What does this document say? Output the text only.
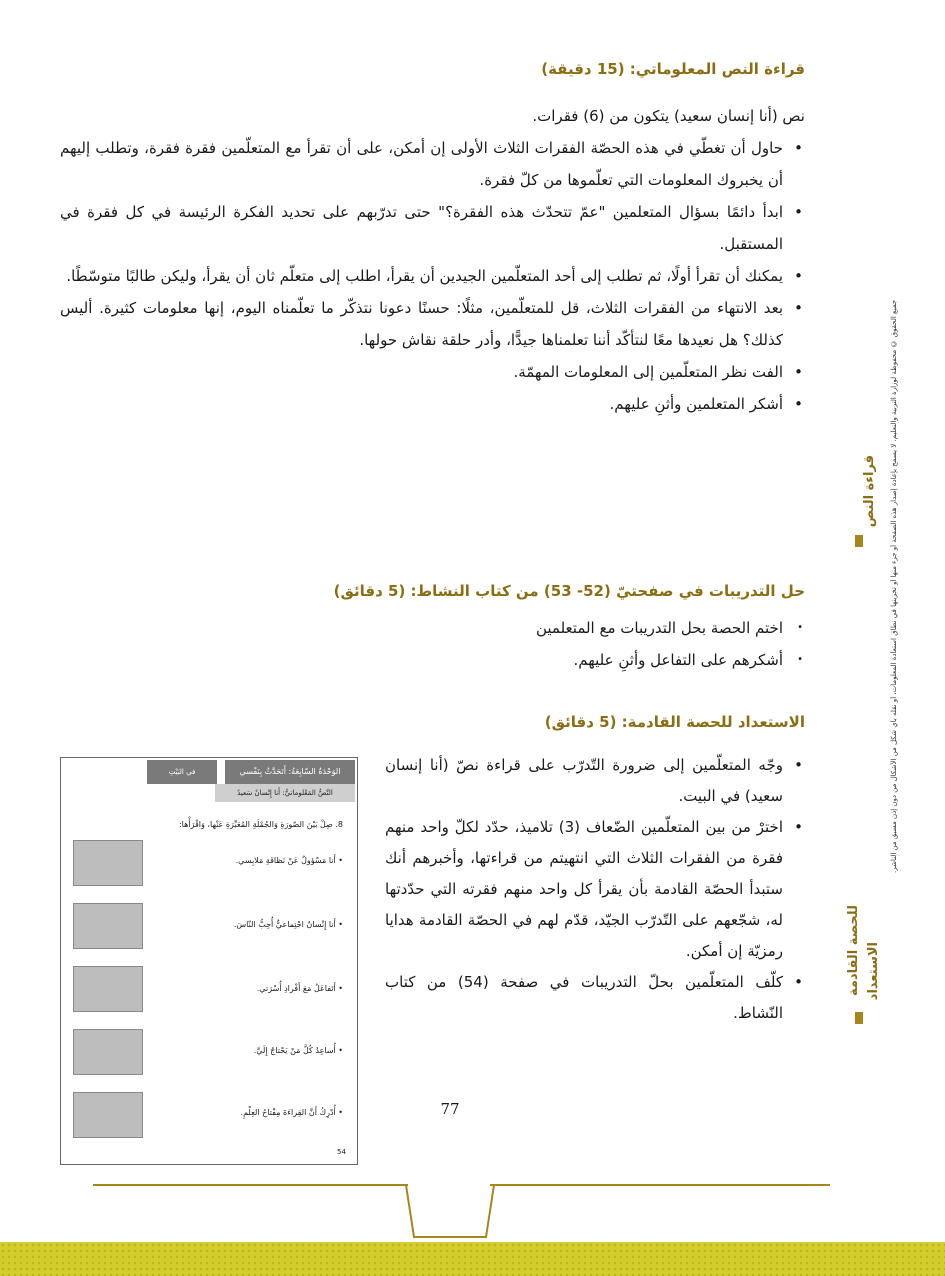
قراءة النص المعلوماتي: (15 دقيقة)
نص (أنا إنسان سعيد) يتكون من (6) فقرات.
• حاول أن تغطّي في هذه الحصّة الفقرات الثلاث الأولى إن أمكن، على أن تقرأ مع المتعلّمين فقرة فقرة، وتطلب إليهم أن يخبروك المعلومات التي تعلّموها من كلّ فقرة.
• ابدأ دائمًا بسؤال المتعلمين "عمّ تتحدّث هذه الفقرة؟" حتى تدرّبهم على تحديد الفكرة الرئيسة في كل فقرة في المستقبل.
• يمكنك أن تقرأ أولًا، ثم تطلب إلى أحد المتعلّمين الجيدين أن يقرأ، اطلب إلى متعلّم ثان أن يقرأ، وليكن طالبًا متوسّطًا.
• بعد الانتهاء من الفقرات الثلاث، قل للمتعلّمين، مثلًا: حسنًا دعونا نتذكّر ما تعلّمناه اليوم، إنها معلومات كثيرة. أليس كذلك؟ هل نعيدها معًا لنتأكّد أننا تعلمناها جيدًّا، وأدر حلقة نقاش حولها.
• الفت نظر المتعلّمين إلى المعلومات المهمّة.
• أشكر المتعلمين وأثنِ عليهم.
حل التدريبات في صفحتيّ (52- 53) من كتاب النشاط: (5 دقائق)
• اختم الحصة بحل التدريبات مع المتعلمين
• أشكرهم على التفاعل وأثنِ عليهم.
الاستعداد للحصة القادمة: (5 دقائق)
• وجّه المتعلّمين إلى ضرورة التّدرّب على قراءة نصّ (أنا إنسان سعيد) في البيت.
• اخترْ من بين المتعلّمين الضّعاف (3) تلاميذ، حدّد لكلّ واحد منهم فقرة من الفقرات الثلاث التي انتهيتم من قراءتها، وأخبرهم أنك ستبدأ الحصّة القادمة بأن يقرأ كل واحد منهم فقرته التي حدّدتها له، شجّعهم على التّدرّب الجيّد، قدّم لهم في الحصّة القادمة هدايا رمزيّة إن أمكن.
• كلّف المتعلّمين بحلّ التدريبات في صفحة (54) من كتاب النّشاط.
الوَحْدَةُ السّابِعَةُ: أَتَحَدَّثُ بِنَفْسي
في البَيْتِ
النَّصُّ المَعْلوماتيُّ: أَنا إِنْسانٌ سَعيدٌ
8. صِلْ بَيْنَ الصّورَةِ وَالجُمْلَةِ المُعَبِّرَةِ عَنْها، وَاقْرَأْها:
• أَنا مَسْؤولٌ عَنْ نَظافَةِ مَلابِسي.
• أَنا إِنْسانٌ اجْتِماعيٌّ أُحِبُّ النّاسَ.
• أَتَفاعَلُ مَعَ أَفْرادِ أُسْرَتي.
• أُساعِدُ كُلَّ مَنْ يَحْتاجُ إِلَيَّ.
• أُدْرِكُ أَنَّ القِراءَةَ مِفْتاحُ العِلْمِ.
54
قراءة النص
الاستعداد
للحصة القادمة
جميع الحقوق © محفوظة لوزارة التربية والتعليم. لا يسمح بإعادة إصدار هذه الصفحة أو جزء منها أو تخزينها في نطاق استعادة المعلومات، أو نقله بأي شكل من الأشكال من دون إذن مسبق من الناشر.
77
